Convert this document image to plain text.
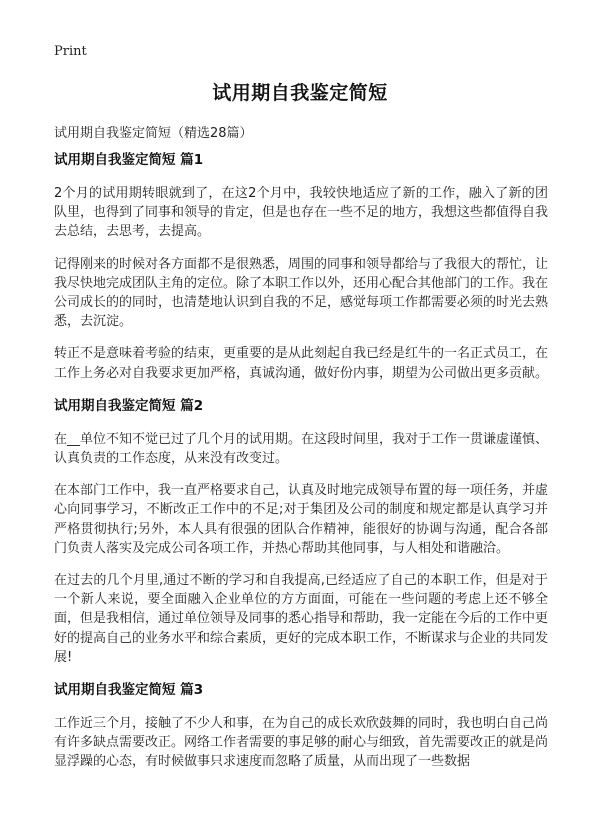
Print
试用期自我鉴定简短

试用期自我鉴定简短（精选28篇）

试用期自我鉴定简短 篇1

2个月的试用期转眼就到了，在这2个月中，我较快地适应了新的工作，融入了新的团队里，也得到了同事和领导的肯定，但是也存在一些不足的地方，我想这些都值得自我去总结，去思考，去提高。

记得刚来的时候对各方面都不是很熟悉，周围的同事和领导都给与了我很大的帮忙，让我尽快地完成团队主角的定位。除了本职工作以外，还用心配合其他部门的工作。我在公司成长的的同时，也清楚地认识到自我的不足，感觉每项工作都需要必须的时光去熟悉，去沉淀。

转正不是意味着考验的结束，更重要的是从此刻起自我已经是红牛的一名正式员工，在工作上务必对自我要求更加严格，真诚沟通，做好份内事，期望为公司做出更多贡献。

试用期自我鉴定简短 篇2

在__单位不知不觉已过了几个月的试用期。在这段时间里，我对于工作一贯谦虚谨慎、认真负责的工作态度，从来没有改变过。

在本部门工作中，我一直严格要求自己，认真及时地完成领导布置的每一项任务，并虚心向同事学习，不断改正工作中的不足;对于集团及公司的制度和规定都是认真学习并严格贯彻执行;另外，本人具有很强的团队合作精神，能很好的协调与沟通，配合各部门负责人落实及完成公司各项工作，并热心帮助其他同事，与人相处和谐融洽。

在过去的几个月里,通过不断的学习和自我提高,已经适应了自己的本职工作，但是对于一个新人来说，要全面融入企业单位的方方面面，可能在一些问题的考虑上还不够全面，但是我相信，通过单位领导及同事的悉心指导和帮助，我一定能在今后的工作中更好的提高自己的业务水平和综合素质，更好的完成本职工作，不断谋求与企业的共同发展!

试用期自我鉴定简短 篇3

工作近三个月，接触了不少人和事，在为自己的成长欢欣鼓舞的同时，我也明白自己尚有许多缺点需要改正。网络工作者需要的事足够的耐心与细致，首先需要改正的就是尚显浮躁的心态，有时候做事只求速度而忽略了质量，从而出现了一些数据
